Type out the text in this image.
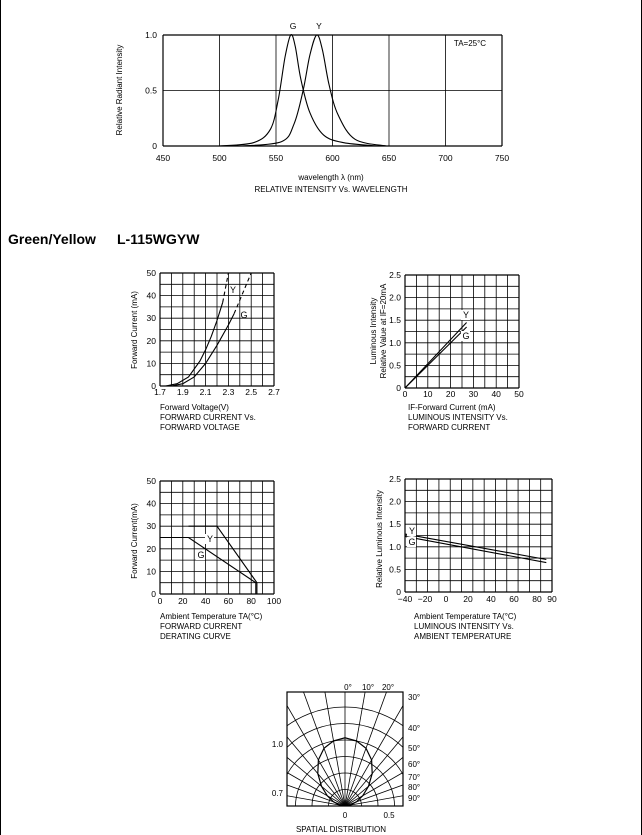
Green/Yellow L-115WGYW
450	500	550	600	650	700	750
0
0.5
1.0
G Y
TA=25°C
Relative Radiant Intensity
wavelength λ (nm)
RELATIVE INTENSITY Vs. WAVELENGTH
1.7 1.9 2.1 2.3 2.5 2.7
0
10
20
30
40
50
Y
G
Forward Voltage(V)
Forward Current (mA)
FORWARD CURRENT Vs.
FORWARD VOLTAGE
0 10 20 30 40 50
0
0.5
1.0
1.5
2.0
2.5
Y
G
IF-Forward Current (mA)
Luminous Intensity Relative Value at IF=20mA
LUMINOUS INTENSITY Vs.
FORWARD CURRENT
0 20 40 60 80 100
0
10
20
30
40
50
Y
G
Ambient Temperature TA(°C)
Forward Current(mA)
FORWARD CURRENT
DERATING CURVE
−40 −20 0 20 40 60 80 90
0
0.5
1.0
1.5
2.0
2.5
Y
G
Ambient Temperature TA(°C)
Relative Luminous Intensity
LUMINOUS INTENSITY Vs.
AMBIENT TEMPERATURE
0° 10° 20°
30°
40°
50°
60°
70°
80°
90°
1.0
0.7
0	0.5
SPATIAL DISTRIBUTION
